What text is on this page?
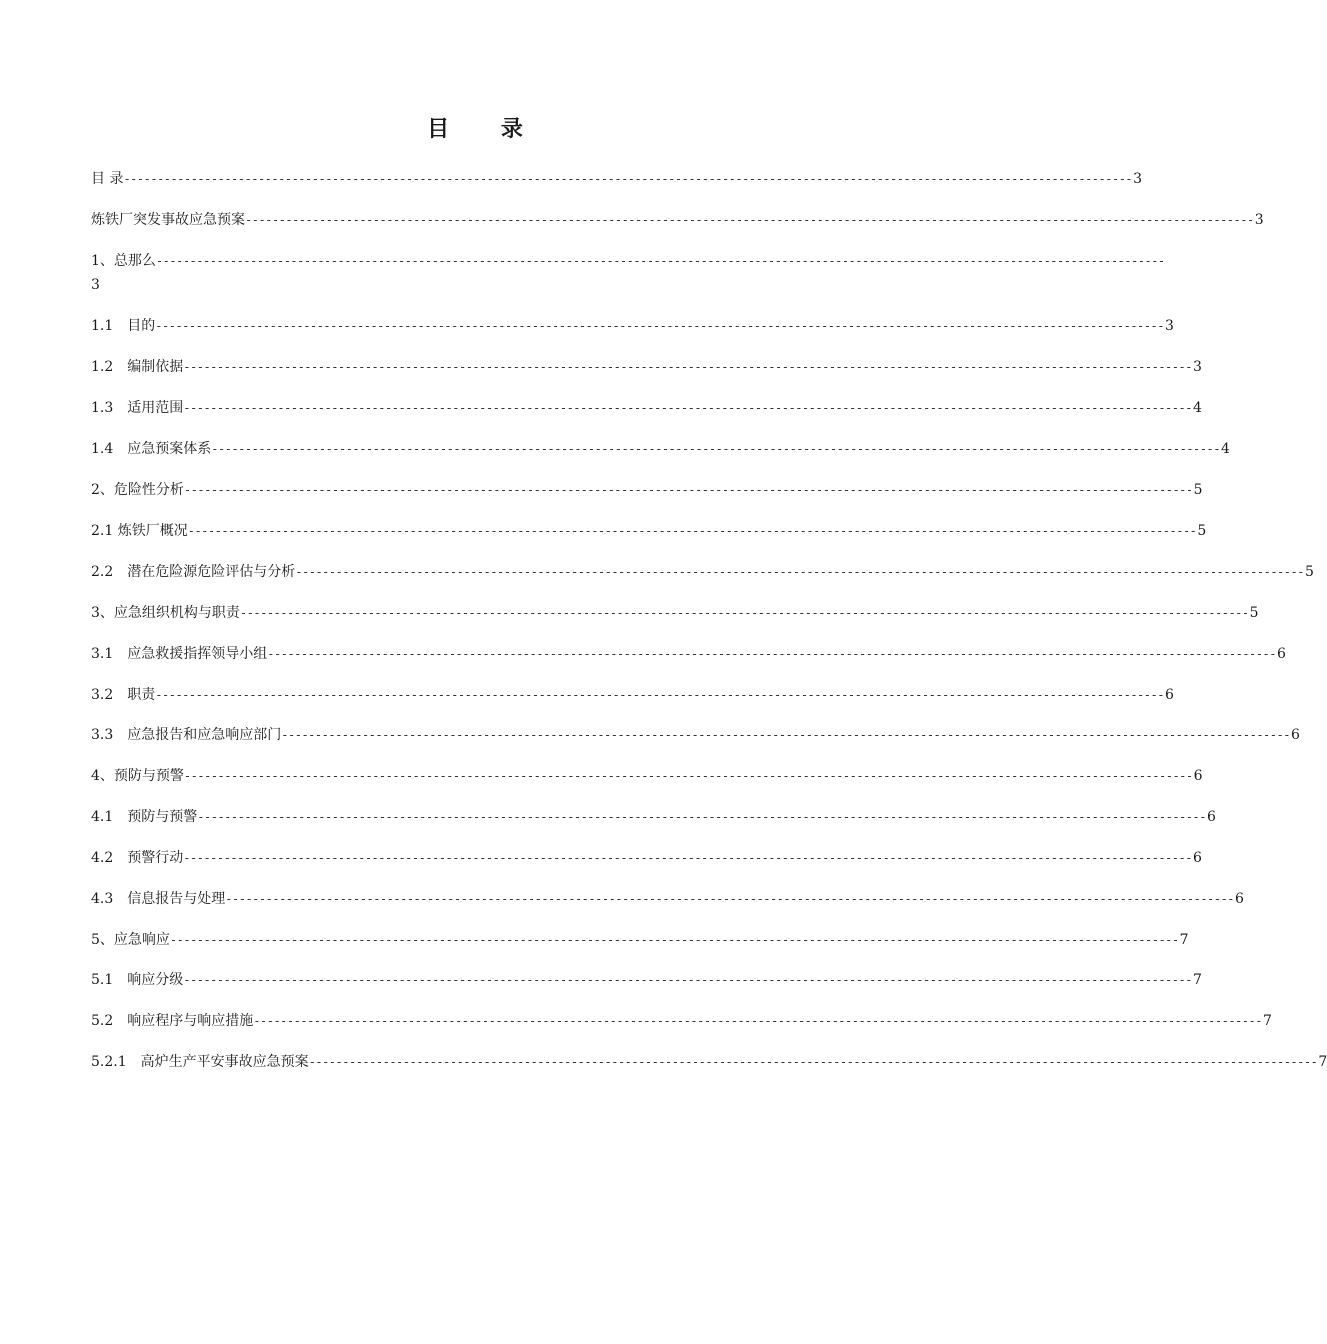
目 录
目 录 ------------------------------------------------------------------------------------------------------------------------------------------------------ 3
炼铁厂突发事故应急预案 ------------------------------------------------------------------------------------------------------------------------------------------------------ 3
1、总那么 ------------------------------------------------------------------------------------------------------------------------------------------------------
3
1.1　目的 ------------------------------------------------------------------------------------------------------------------------------------------------------ 3
1.2　编制依据 ------------------------------------------------------------------------------------------------------------------------------------------------------ 3
1.3　适用范围 ------------------------------------------------------------------------------------------------------------------------------------------------------ 4
1.4　应急预案体系 ------------------------------------------------------------------------------------------------------------------------------------------------------ 4
2、危险性分析 ------------------------------------------------------------------------------------------------------------------------------------------------------ 5
2.1 炼铁厂概况 ------------------------------------------------------------------------------------------------------------------------------------------------------ 5
2.2　潜在危险源危险评估与分析 ------------------------------------------------------------------------------------------------------------------------------------------------------ 5
3、应急组织机构与职责 ------------------------------------------------------------------------------------------------------------------------------------------------------ 5
3.1　应急救援指挥领导小组 ------------------------------------------------------------------------------------------------------------------------------------------------------ 6
3.2　职责 ------------------------------------------------------------------------------------------------------------------------------------------------------ 6
3.3　应急报告和应急响应部门 ------------------------------------------------------------------------------------------------------------------------------------------------------ 6
4、预防与预警 ------------------------------------------------------------------------------------------------------------------------------------------------------ 6
4.1　预防与预警 ------------------------------------------------------------------------------------------------------------------------------------------------------ 6
4.2　预警行动 ------------------------------------------------------------------------------------------------------------------------------------------------------ 6
4.3　信息报告与处理 ------------------------------------------------------------------------------------------------------------------------------------------------------ 6
5、应急响应 ------------------------------------------------------------------------------------------------------------------------------------------------------ 7
5.1　响应分级 ------------------------------------------------------------------------------------------------------------------------------------------------------ 7
5.2　响应程序与响应措施 ------------------------------------------------------------------------------------------------------------------------------------------------------ 7
5.2.1　高炉生产平安事故应急预案 ------------------------------------------------------------------------------------------------------------------------------------------------------ 7
